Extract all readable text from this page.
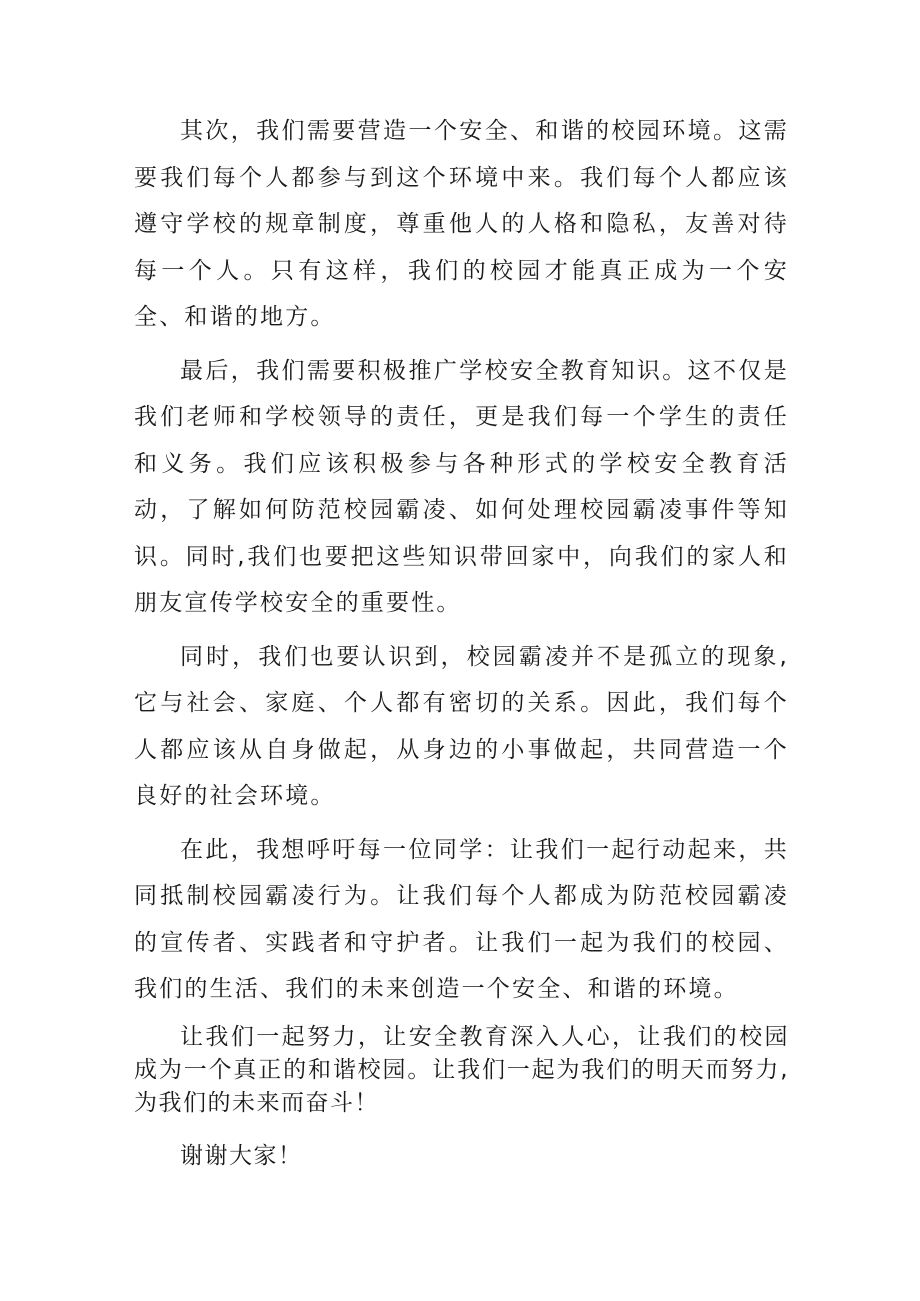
其次，我们需要营造一个安全、和谐的校园环境。这需要我们每个人都参与到这个环境中来。我们每个人都应该遵守学校的规章制度，尊重他人的人格和隐私，友善对待每一个人。只有这样，我们的校园才能真正成为一个安全、和谐的地方。

最后，我们需要积极推广学校安全教育知识。这不仅是我们老师和学校领导的责任，更是我们每一个学生的责任和义务。我们应该积极参与各种形式的学校安全教育活动，了解如何防范校园霸凌、如何处理校园霸凌事件等知识。同时,我们也要把这些知识带回家中，向我们的家人和朋友宣传学校安全的重要性。

同时，我们也要认识到，校园霸凌并不是孤立的现象,它与社会、家庭、个人都有密切的关系。因此，我们每个人都应该从自身做起，从身边的小事做起，共同营造一个良好的社会环境。

在此，我想呼吁每一位同学：让我们一起行动起来，共同抵制校园霸凌行为。让我们每个人都成为防范校园霸凌的宣传者、实践者和守护者。让我们一起为我们的校园、我们的生活、我们的未来创造一个安全、和谐的环境。

让我们一起努力，让安全教育深入人心，让我们的校园成为一个真正的和谐校园。让我们一起为我们的明天而努力,为我们的未来而奋斗！

谢谢大家！
